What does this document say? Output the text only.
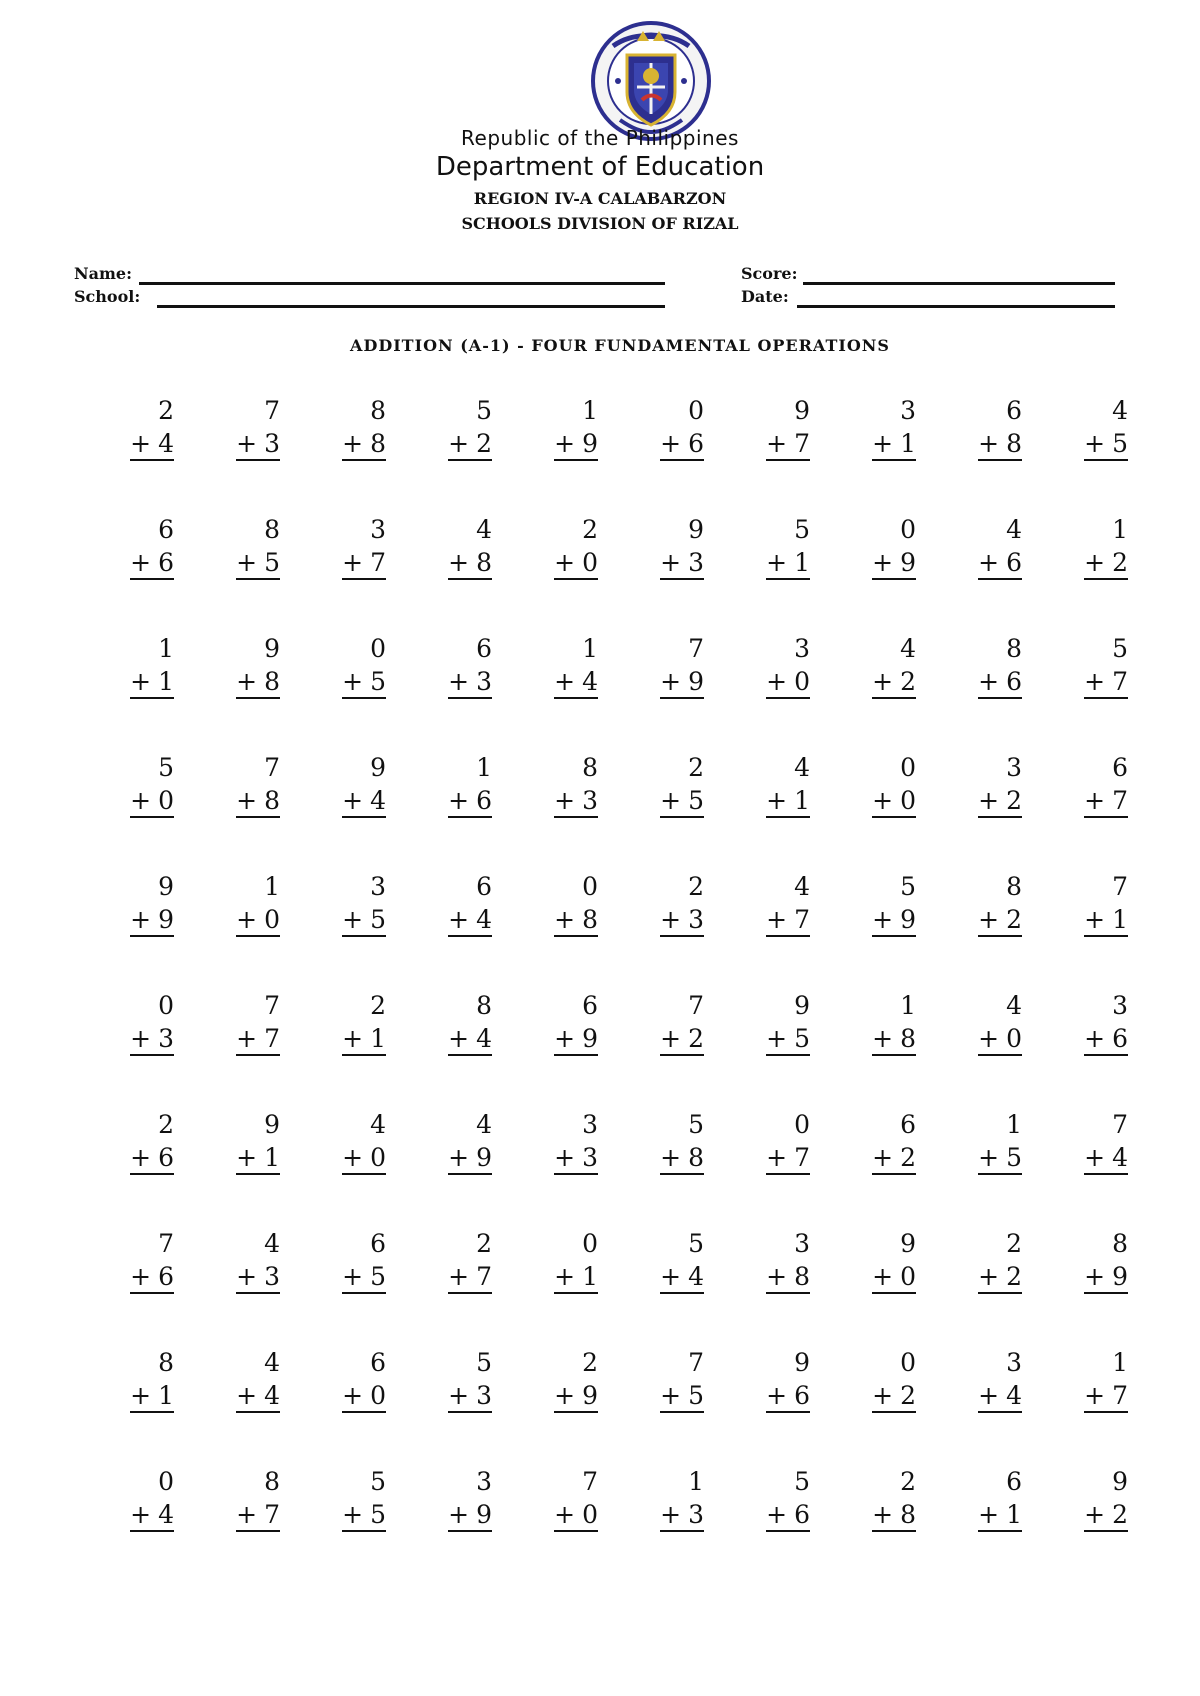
Republic of the Philippines
Department of Education
REGION IV-A CALABARZON
SCHOOLS DIVISION OF RIZAL
Name:
School:
Score:
Date:
ADDITION (A-1) - FOUR FUNDAMENTAL OPERATIONS
2
+ 4
7
+ 3
8
+ 8
5
+ 2
1
+ 9
0
+ 6
9
+ 7
3
+ 1
6
+ 8
4
+ 5
6
+ 6
8
+ 5
3
+ 7
4
+ 8
2
+ 0
9
+ 3
5
+ 1
0
+ 9
4
+ 6
1
+ 2
1
+ 1
9
+ 8
0
+ 5
6
+ 3
1
+ 4
7
+ 9
3
+ 0
4
+ 2
8
+ 6
5
+ 7
5
+ 0
7
+ 8
9
+ 4
1
+ 6
8
+ 3
2
+ 5
4
+ 1
0
+ 0
3
+ 2
6
+ 7
9
+ 9
1
+ 0
3
+ 5
6
+ 4
0
+ 8
2
+ 3
4
+ 7
5
+ 9
8
+ 2
7
+ 1
0
+ 3
7
+ 7
2
+ 1
8
+ 4
6
+ 9
7
+ 2
9
+ 5
1
+ 8
4
+ 0
3
+ 6
2
+ 6
9
+ 1
4
+ 0
4
+ 9
3
+ 3
5
+ 8
0
+ 7
6
+ 2
1
+ 5
7
+ 4
7
+ 6
4
+ 3
6
+ 5
2
+ 7
0
+ 1
5
+ 4
3
+ 8
9
+ 0
2
+ 2
8
+ 9
8
+ 1
4
+ 4
6
+ 0
5
+ 3
2
+ 9
7
+ 5
9
+ 6
0
+ 2
3
+ 4
1
+ 7
0
+ 4
8
+ 7
5
+ 5
3
+ 9
7
+ 0
1
+ 3
5
+ 6
2
+ 8
6
+ 1
9
+ 2
